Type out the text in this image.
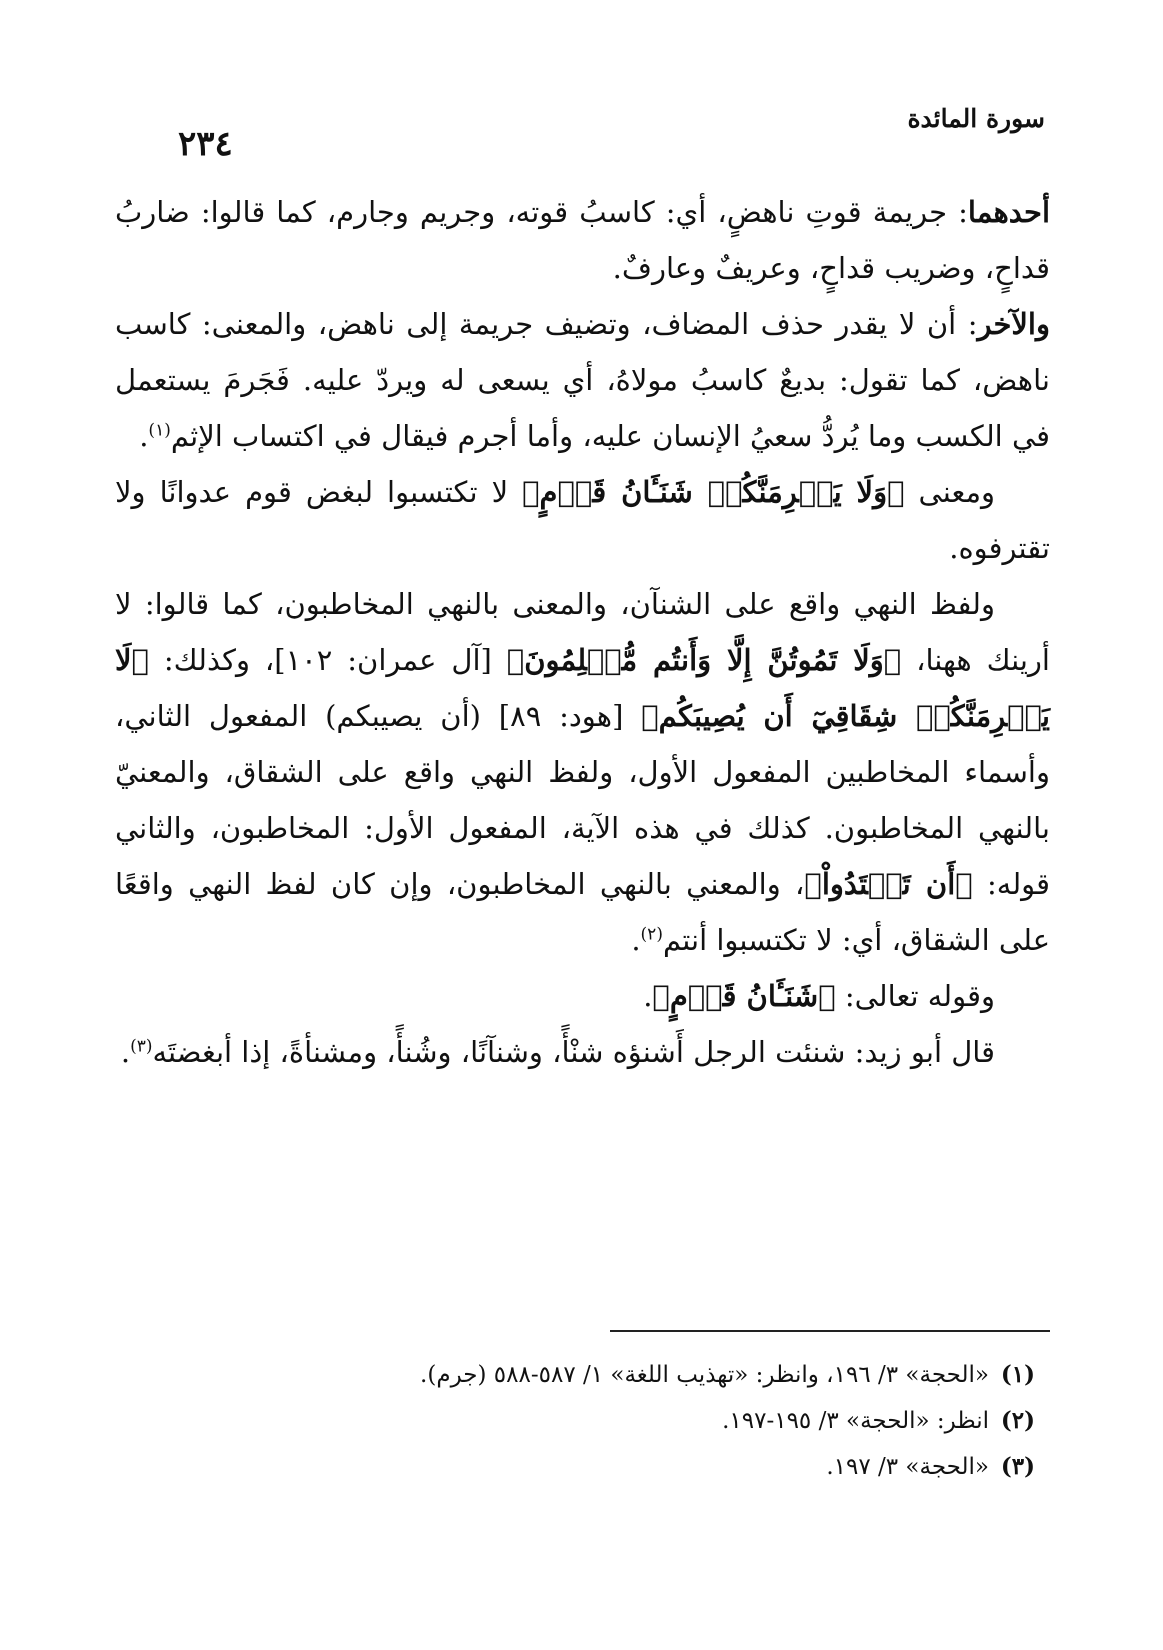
سورة المائدة
٢٣٤

أحدهما: جريمة قوتِ ناهضٍ، أي: كاسبُ قوته، وجريم وجارم، كما قالوا: ضاربُ قداحٍ، وضريب قداحٍ، وعريفٌ وعارفٌ.

والآخر: أن لا يقدر حذف المضاف، وتضيف جريمة إلى ناهض، والمعنى: كاسب ناهض، كما تقول: بديعٌ كاسبُ مولاهُ، أي يسعى له ويردّ عليه. فَجَرمَ يستعمل في الكسب وما يُردُّ سعيُ الإنسان عليه، وأما أجرم فيقال في اكتساب الإثم$^{(١)}$.

ومعنى ﴿وَلَا يَجۡرِمَنَّكُمۡ شَنَـَٔانُ قَوۡمٍ﴾ لا تكتسبوا لبغض قوم عدوانًا ولا تقترفوه.

ولفظ النهي واقع على الشنآن، والمعنى بالنهي المخاطبون، كما قالوا: لا أرينك ههنا، ﴿وَلَا تَمُوتُنَّ إِلَّا وَأَنتُم مُّسۡلِمُونَ﴾ [آل عمران: ١٠٢]، وكذلك: ﴿لَا يَجۡرِمَنَّكُمۡ شِقَاقِيٓ أَن يُصِيبَكُم﴾ [هود: ٨٩] (أن يصيبكم) المفعول الثاني، وأسماء المخاطبين المفعول الأول، ولفظ النهي واقع على الشقاق، والمعنيّ بالنهي المخاطبون. كذلك في هذه الآية، المفعول الأول: المخاطبون، والثاني قوله: ﴿أَن تَعۡتَدُواْ﴾، والمعني بالنهي المخاطبون، وإن كان لفظ النهي واقعًا على الشقاق، أي: لا تكتسبوا أنتم$^{(٢)}$.

وقوله تعالى: ﴿شَنَـَٔانُ قَوۡمٍ﴾.

قال أبو زيد: شنئت الرجل أَشنؤه شنْأً، وشنآنًا، وشُنأً، ومشنأةً، إذا أبغضتَه$^{(٣)}$.

(١)«الحجة» ٣/ ١٩٦، وانظر: «تهذيب اللغة» ١/ ٥٨٧-٥٨٨ (جرم).

(٢)انظر: «الحجة» ٣/ ١٩٥-١٩٧.

(٣)«الحجة» ٣/ ١٩٧.
